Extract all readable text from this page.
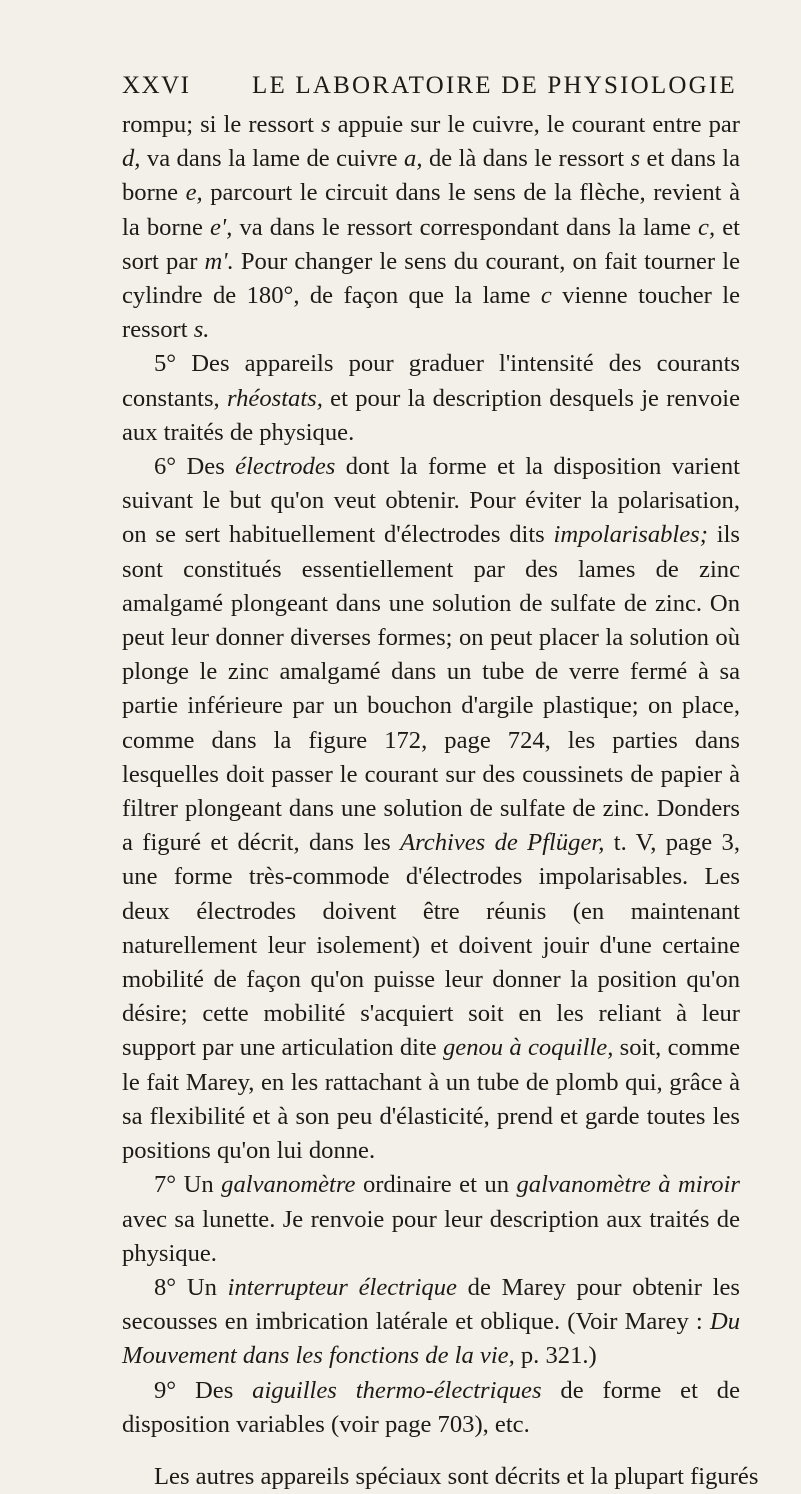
XXVI LE LABORATOIRE DE PHYSIOLOGIE

rompu; si le ressort s appuie sur le cuivre, le courant entre par d, va dans la lame de cuivre a, de là dans le ressort s et dans la borne e, parcourt le circuit dans le sens de la flèche, revient à la borne e', va dans le ressort correspondant dans la lame c, et sort par m'. Pour changer le sens du courant, on fait tourner le cylindre de 180°, de façon que la lame c vienne toucher le ressort s.

5° Des appareils pour graduer l'intensité des courants constants, rhéostats, et pour la description desquels je renvoie aux traités de physique.

6° Des électrodes dont la forme et la disposition varient suivant le but qu'on veut obtenir. Pour éviter la polarisation, on se sert habituellement d'électrodes dits impolarisables; ils sont constitués essentiellement par des lames de zinc amalgamé plongeant dans une solution de sulfate de zinc. On peut leur donner diverses formes; on peut placer la solution où plonge le zinc amalgamé dans un tube de verre fermé à sa partie inférieure par un bouchon d'argile plastique; on place, comme dans la figure 172, page 724, les parties dans lesquelles doit passer le courant sur des coussinets de papier à filtrer plongeant dans une solution de sulfate de zinc. Donders a figuré et décrit, dans les Archives de Pflüger, t. V, page 3, une forme très-commode d'électrodes impolarisables. Les deux électrodes doivent être réunis (en maintenant naturellement leur isolement) et doivent jouir d'une certaine mobilité de façon qu'on puisse leur donner la position qu'on désire; cette mobilité s'acquiert soit en les reliant à leur support par une articulation dite genou à coquille, soit, comme le fait Marey, en les rattachant à un tube de plomb qui, grâce à sa flexibilité et à son peu d'élasticité, prend et garde toutes les positions qu'on lui donne.

7° Un galvanomètre ordinaire et un galvanomètre à miroir avec sa lunette. Je renvoie pour leur description aux traités de physique.

8° Un interrupteur électrique de Marey pour obtenir les secousses en imbrication latérale et oblique. (Voir Marey : Du Mouvement dans les fonctions de la vie, p. 321.)

9° Des aiguilles thermo-électriques de forme et de disposition variables (voir page 703), etc.

Les autres appareils spéciaux sont décrits et la plupart figurés
